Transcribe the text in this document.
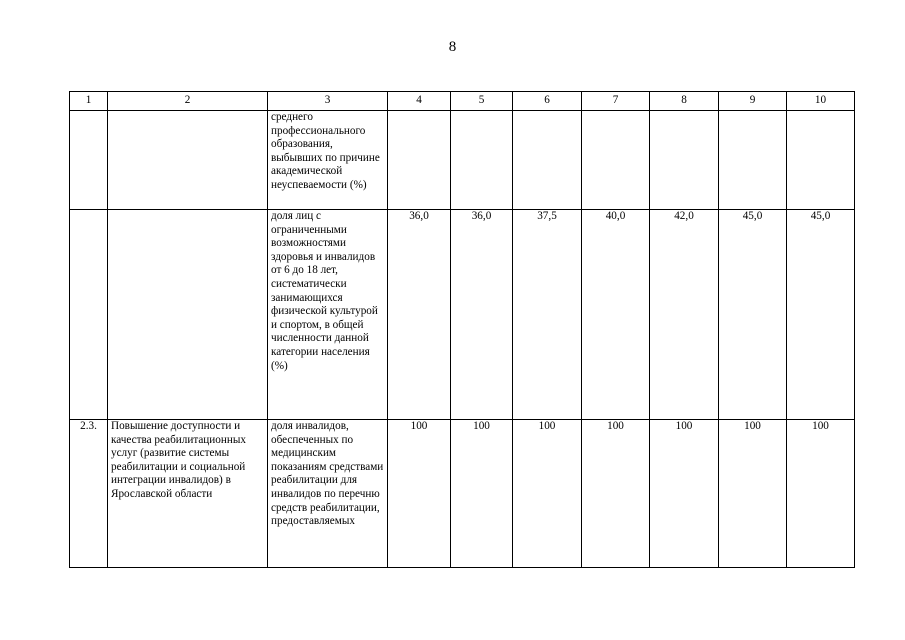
8
1	2	3	4	5	6	7	8	9	10
		среднего профессионального образования, выбывших по причине академической неуспеваемости (%)							
		доля лиц с ограниченными возможностями здоровья и инвалидов от 6 до 18 лет, систематически занимающихся физической культурой и спортом, в общей численности данной категории населения (%)	36,0	36,0	37,5	40,0	42,0	45,0	45,0
2.3.	Повышение доступности и качества реабилитационных услуг (развитие системы реабилитации и социальной интеграции инвалидов) в Ярославской области	доля инвалидов, обеспеченных по медицинским показаниям средствами реабилитации для инвалидов по перечню средств реабилитации, предоставляемых	100	100	100	100	100	100	100
